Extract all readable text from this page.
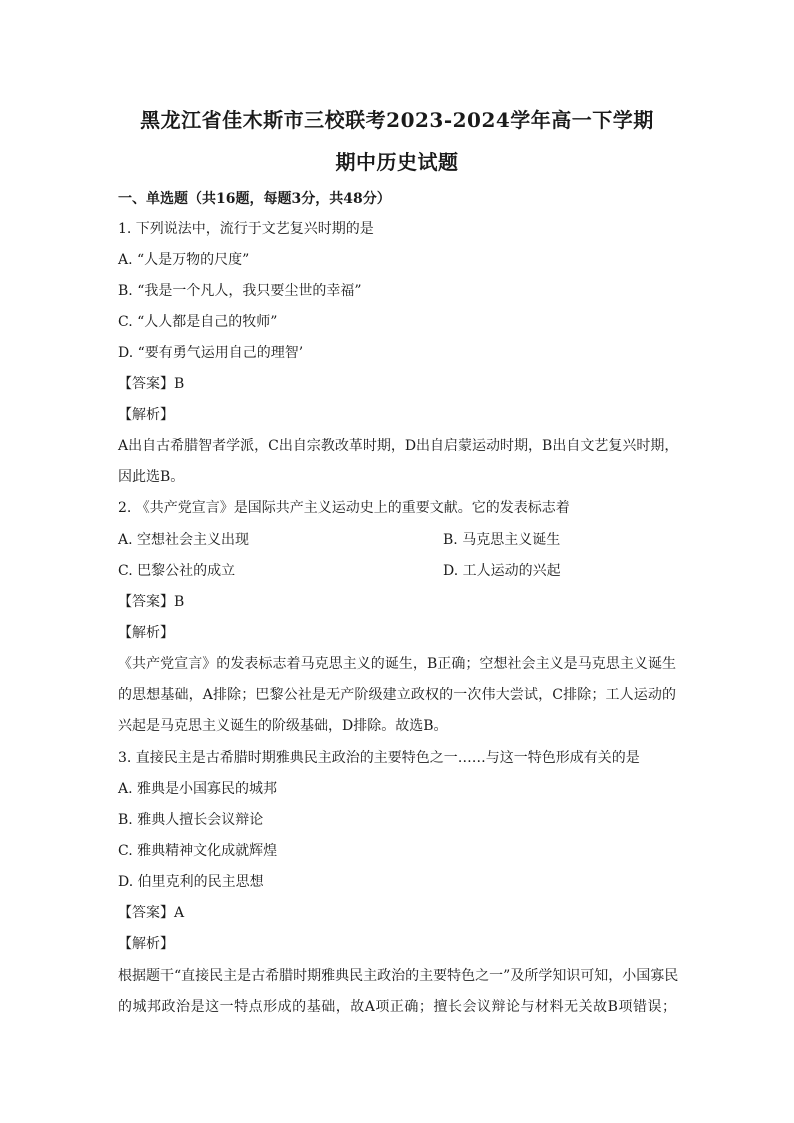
黑龙江省佳木斯市三校联考2023-2024学年高一下学期
期中历史试题
一、单选题（共16题，每题3分，共48分）
1. 下列说法中，流行于文艺复兴时期的是
A. “人是万物的尺度”
B. “我是一个凡人，我只要尘世的幸福”
C. “人人都是自己的牧师”
D. “要有勇气运用自己的理智’
【答案】B
【解析】
A出自古希腊智者学派，C出自宗教改革时期，D出自启蒙运动时期，B出自文艺复兴时期，
因此选B。
2. 《共产党宣言》是国际共产主义运动史上的重要文献。它的发表标志着
A. 空想社会主义出现	B. 马克思主义诞生
C. 巴黎公社的成立	D. 工人运动的兴起
【答案】B
【解析】
《共产党宣言》的发表标志着马克思主义的诞生，B正确；空想社会主义是马克思主义诞生
的思想基础，A排除；巴黎公社是无产阶级建立政权的一次伟大尝试，C排除；工人运动的
兴起是马克思主义诞生的阶级基础，D排除。故选B。
3. 直接民主是古希腊时期雅典民主政治的主要特色之一……与这一特色形成有关的是
A. 雅典是小国寡民的城邦
B. 雅典人擅长会议辩论
C. 雅典精神文化成就辉煌
D. 伯里克利的民主思想
【答案】A
【解析】
根据题干“直接民主是古希腊时期雅典民主政治的主要特色之一”及所学知识可知，小国寡民
的城邦政治是这一特点形成的基础，故A项正确；擅长会议辩论与材料无关故B项错误；
